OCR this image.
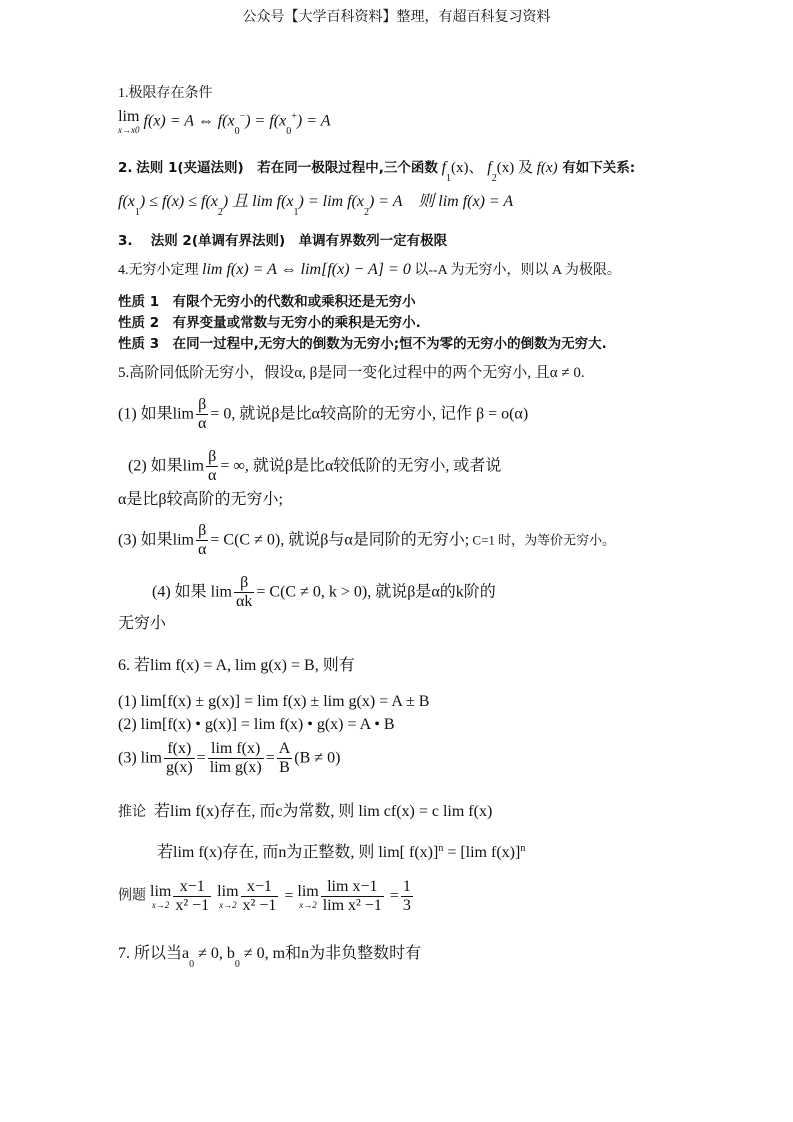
公众号【大学百科资料】整理，有超百科复习资料
1.极限存在条件
lim
x→x0
f(x) = A ⇔ $f(x_0^-) = f(x_0^+) = A$
2. 法则 1(夹逼法则)　若在同一极限过程中,三个函数 $f_1(x)$、 $f_2(x)$ 及 f(x) 有如下关系:
$f(x_1) \le f(x) \le f(x_2)$ 且 $\lim f(x_1) = \lim f(x_2) = A$　则 lim f(x) = A
3.　 法则 2(单调有界法则)　单调有界数列一定有极限
4.无穷小定理 lim f(x) = A ⇔ lim[f(x) − A] = 0 以--A 为无穷小，则以 A 为极限。
性质 1　有限个无穷小的代数和或乘积还是无穷小
性质 2　有界变量或常数与无穷小的乘积是无穷小.
性质 3　在同一过程中,无穷大的倒数为无穷小;恒不为零的无穷小的倒数为无穷大.
5.高阶同低阶无穷小，假设α, β是同一变化过程中的两个无穷小, 且α ≠ 0.
(1) 如果$\lim \frac{\beta}{\alpha} = 0$, 就说β是比α较高阶的无穷小, 记作 β = o(α)
(2) 如果$\lim \frac{\beta}{\alpha}$ = ∞, 就说β是比α较低阶的无穷小, 或者说
α是比β较高阶的无穷小;
(3) 如果$\lim \frac{\beta}{\alpha} = C(C \ne 0)$, 就说β与α是同阶的无穷小; C=1 时，为等价无穷小。
(4) 如果 $\lim \frac{\beta}{\alpha k} = C(C \ne 0$, k > 0), 就说β是α的k阶的
无穷小
6. 若lim f(x) = A, lim g(x) = B, 则有
(1) lim[f(x) ± g(x)] = lim f(x) ± lim g(x) = A ± B
(2) lim[f(x) • g(x)] = lim f(x) • g(x) = A • B
(3) $\lim \frac{f(x)}{g(x)} = \frac{\text{lim f(x)}}{\text{lim g(x)}} = \frac{A}{B} (B \ne 0)$
推论 若lim f(x)存在, 而c为常数, 则 lim cf(x) = c lim f(x)
若lim f(x)存在, 而n为正整数, 则 lim[ f(x)]$^n$ = [lim f(x)]$^n$
例题 lim
$x\to 2 \frac{x-1}{\text{x² −1}}$
lim
$x\to 2 \frac{x-1}{\text{x² −1}} = \lim$
$x\to 2 \frac{\text{lim x−1}}{\text{lim x² −1}} = \frac{1}{3}$
7. 所以当$a_0 \ne 0$, $b_0 \ne 0$, m和n为非负整数时有
